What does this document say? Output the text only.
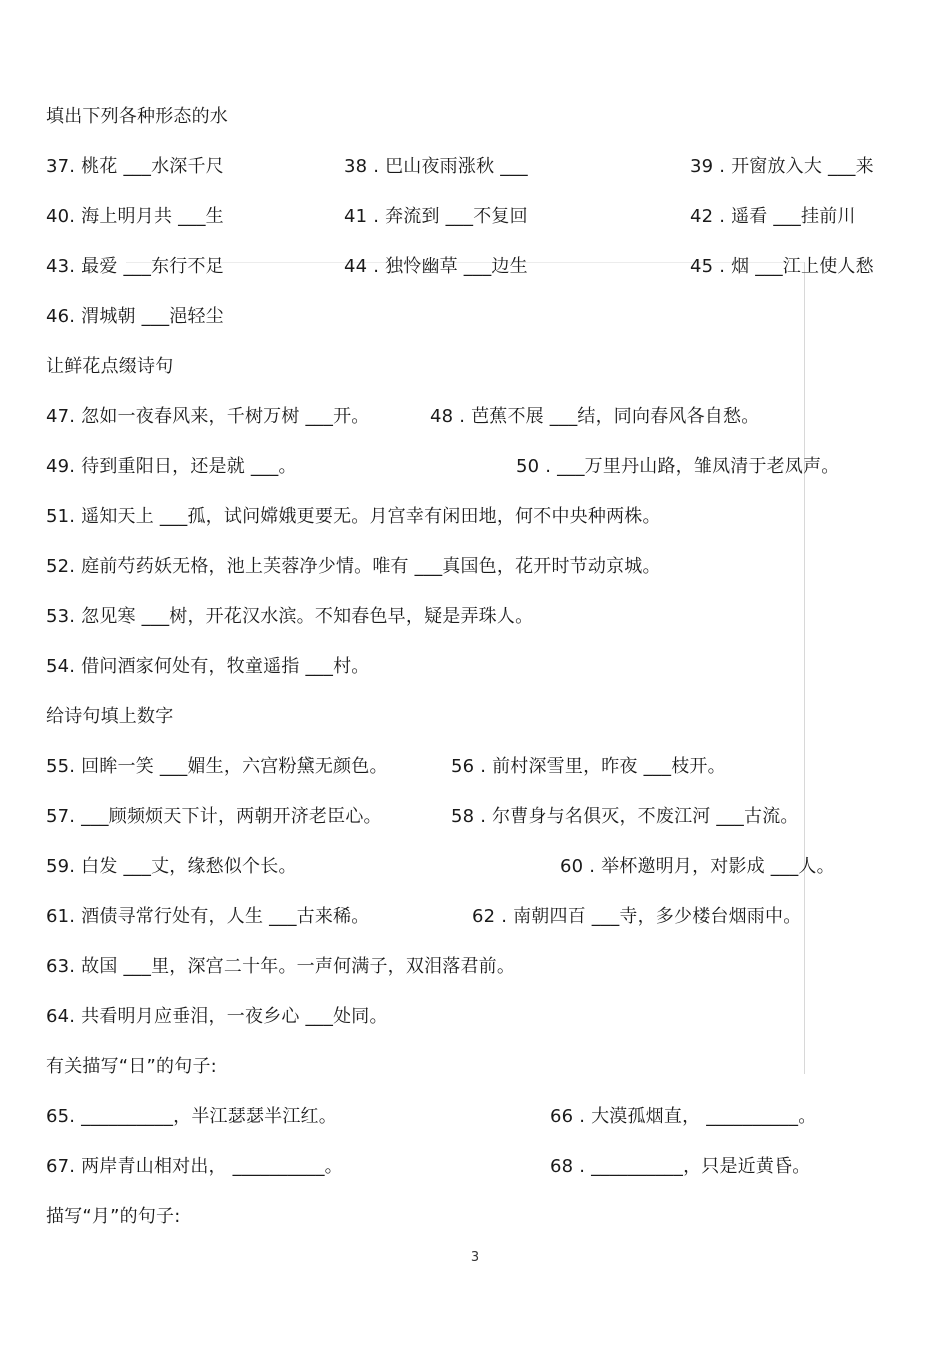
填出下列各种形态的水
37. 桃花 ___水深千尺	38 . 巴山夜雨涨秋 ___	39 . 开窗放入大 ___来
40. 海上明月共 ___生	41 . 奔流到 ___不复回	42 . 遥看 ___挂前川
43. 最爱 ___东行不足	44 . 独怜幽草 ___边生	45 . 烟 ___江上使人愁
46. 渭城朝 ___浥轻尘
让鲜花点缀诗句
47. 忽如一夜春风来，千树万树 ___开。	48 . 芭蕉不展 ___结，同向春风各自愁。
49. 待到重阳日，还是就 ___。	50 . ___万里丹山路，雏凤清于老凤声。
51. 遥知天上 ___孤，试问嫦娥更要无。月宫幸有闲田地，何不中央种两株。
52. 庭前芍药妖无格，池上芙蓉净少情。唯有 ___真国色，花开时节动京城。
53. 忽见寒 ___树，开花汉水滨。不知春色早，疑是弄珠人。
54. 借问酒家何处有，牧童遥指 ___村。
给诗句填上数字
55. 回眸一笑 ___媚生，六宫粉黛无颜色。	56 . 前村深雪里，昨夜 ___枝开。
57. ___顾频烦天下计，两朝开济老臣心。	58 . 尔曹身与名俱灭，不废江河 ___古流。
59. 白发 ___丈，缘愁似个长。	60 . 举杯邀明月，对影成 ___人。
61. 酒债寻常行处有，人生 ___古来稀。	62 . 南朝四百 ___寺，多少楼台烟雨中。
63. 故国 ___里，深宫二十年。一声何满子，双泪落君前。
64. 共看明月应垂泪，一夜乡心 ___处同。
有关描写“日”的句子:
65. __________，半江瑟瑟半江红。	66 . 大漠孤烟直， __________。
67. 两岸青山相对出， __________。	68 . __________，只是近黄昏。
描写“月”的句子:
3
